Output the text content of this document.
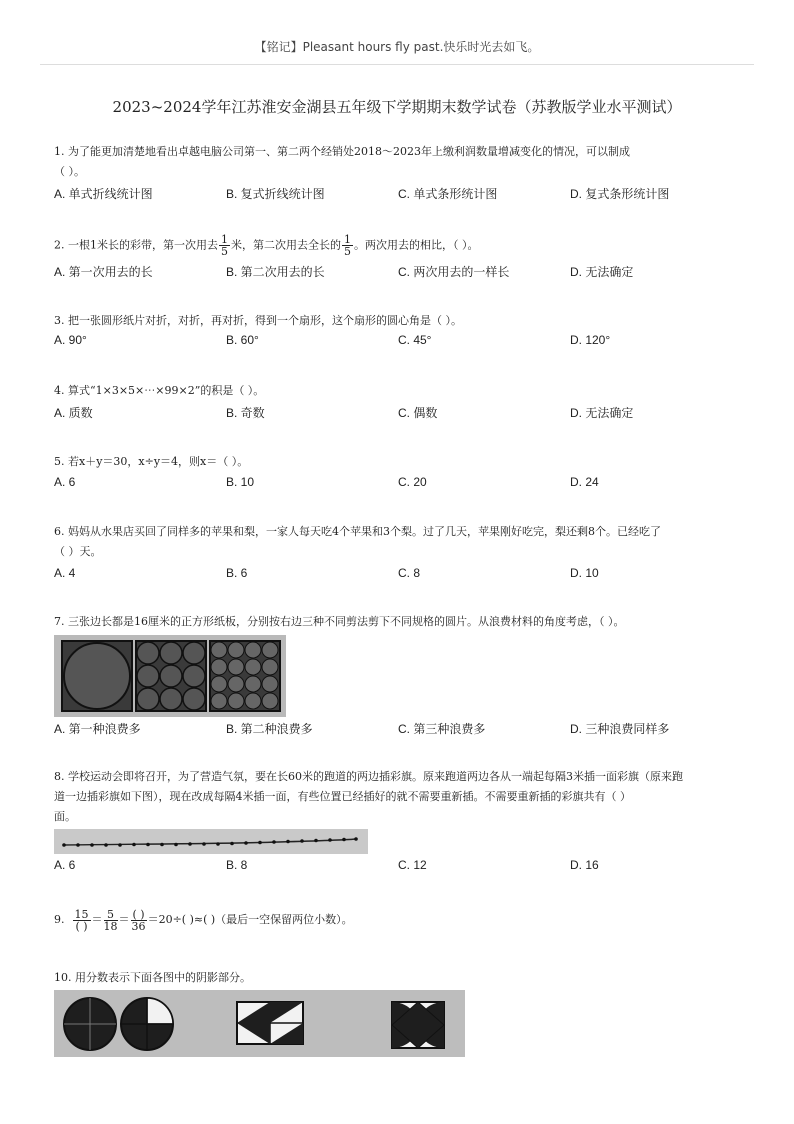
【铭记】Pleasant hours fly past.快乐时光去如飞。
2023~2024学年江苏淮安金湖县五年级下学期期末数学试卷（苏教版学业水平测试）
1. 为了能更加清楚地看出卓越电脑公司第一、第二两个经销处2018～2023年上缴利润数量增减变化的情况，可以制成
（ ）。
A. 单式折线统计图	B. 复式折线统计图	C. 单式条形统计图	D. 复式条形统计图
2. 一根1米长的彩带，第一次用去 $\frac{1}{5}$ 米，第二次用去全长的 $\frac{1}{5}$ 。两次用去的相比，（ ）。
A. 第一次用去的长	B. 第二次用去的长	C. 两次用去的一样长	D. 无法确定
3. 把一张圆形纸片对折，对折，再对折，得到一个扇形，这个扇形的圆心角是（ ）。
A. 90°	B. 60°	C. 45°	D. 120°
4. 算式“1×3×5×⋯×99×2”的积是（ ）。
A. 质数	B. 奇数	C. 偶数	D. 无法确定
5. 若x＋y＝30，x÷y＝4，则x＝（ ）。
A. 6	B. 10	C. 20	D. 24
6. 妈妈从水果店买回了同样多的苹果和梨，一家人每天吃4个苹果和3个梨。过了几天，苹果刚好吃完，梨还剩8个。已经吃了
（ ）天。
A. 4	B. 6	C. 8	D. 10
7. 三张边长都是16厘米的正方形纸板，分别按右边三种不同剪法剪下不同规格的圆片。从浪费材料的角度考虑，（ ）。
A. 第一种浪费多	B. 第二种浪费多	C. 第三种浪费多	D. 三种浪费同样多
8. 学校运动会即将召开，为了营造气氛，要在长60米的跑道的两边插彩旗。原来跑道两边各从一端起每隔3米插一面彩旗（原来跑
道一边插彩旗如下图），现在改成每隔4米插一面，有些位置已经插好的就不需要重新插。不需要重新插的彩旗共有（ ）
面。
A. 6	B. 8	C. 12	D. 16
9. $\frac{15}{( )} = \frac{5}{18} = \frac{( )}{36} =20\div$( )≈( )（最后一空保留两位小数）。
10. 用分数表示下面各图中的阴影部分。
